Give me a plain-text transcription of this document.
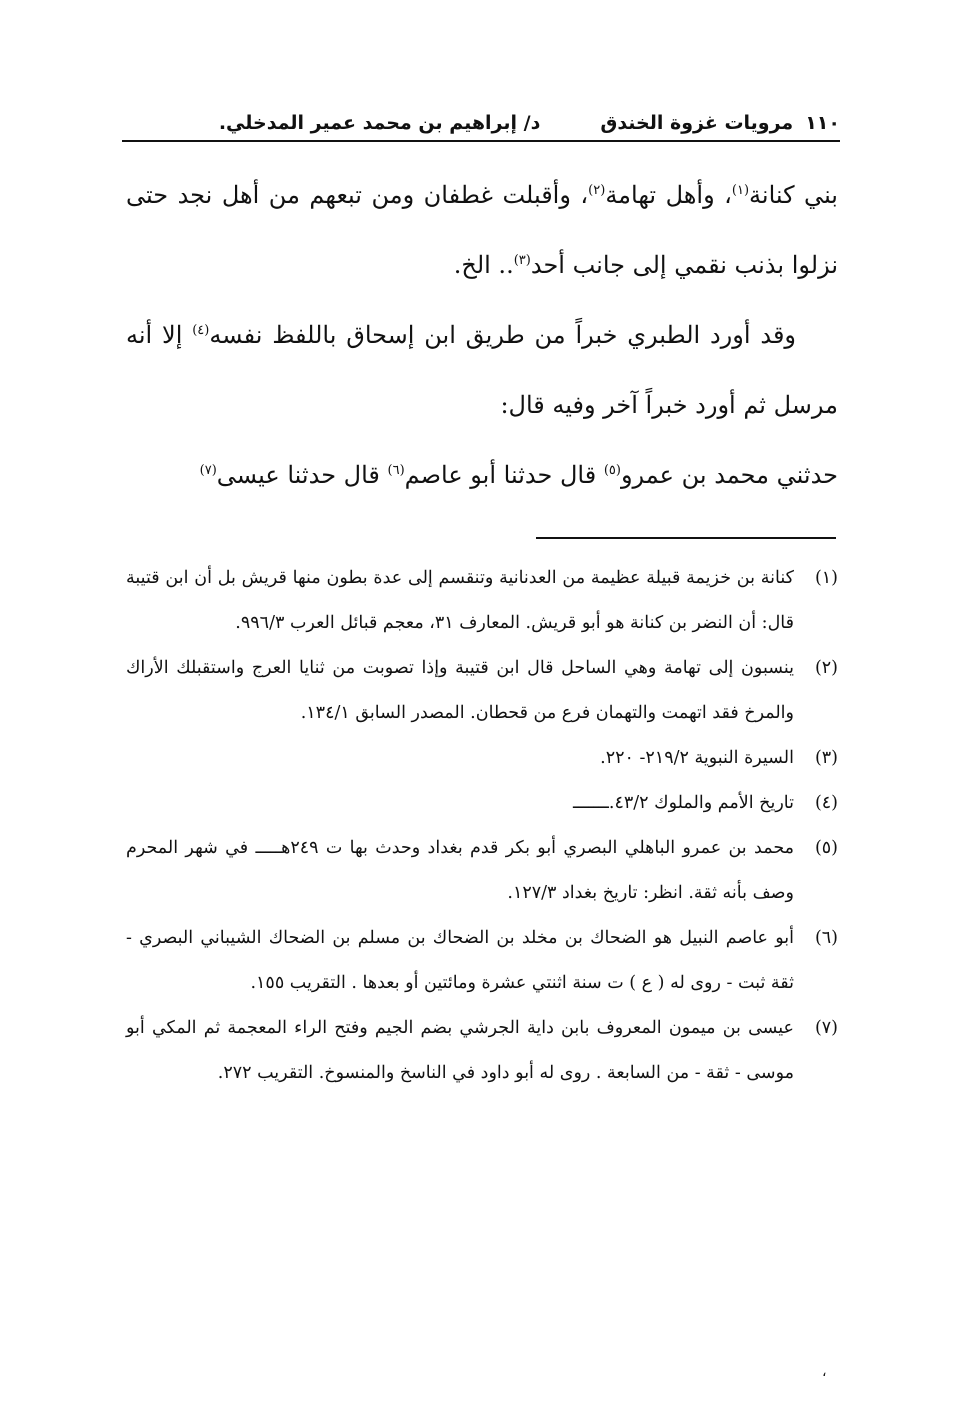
١١٠
مرويات غزوة الخندق
د/ إبراهيم بن محمد عمير المدخلي.

بني كنانة$^{(١)}$، وأهل تهامة$^{(٢)}$، وأقبلت غطفان ومن تبعهم من أهل نجد حتى نزلوا بذنب نقمي إلى جانب أحد$^{(٣)}$.. الخ.

وقد أورد الطبري خبراً من طريق ابن إسحاق باللفظ نفسه$^{(٤)}$ إلا أنه مرسل ثم أورد خبراً آخر وفيه قال:

حدثني محمد بن عمرو$^{(٥)}$ قال حدثنا أبو عاصم$^{(٦)}$ قال حدثنا عيسى$^{(٧)}$

(١)
كنانة بن خزيمة قبيلة عظيمة من العدنانية وتنقسم إلى عدة بطون منها قريش بل أن ابن قتيبة قال: أن النضر بن كنانة هو أبو قريش. المعارف ٣١، معجم قبائل العرب ٩٩٦/٣.
(٢)
ينسبون إلى تهامة وهي الساحل قال ابن قتيبة وإذا تصوبت من ثنايا العرج واستقبلك الأراك والمرخ فقد اتهمت والتهمان فرع من قحطان. المصدر السابق ١٣٤/١.
(٣)
السيرة النبوية ٢١٩/٢- ٢٢٠.
(٤)
تاريخ الأمم والملوك ٤٣/٢.ـــــــ
(٥)
محمد بن عمرو الباهلي البصري أبو بكر قدم بغداد وحدث بها ت ٢٤٩هـــــ في شهر المحرم وصف بأنه ثقة. انظر: تاريخ بغداد ١٢٧/٣.
(٦)
أبو عاصم النبيل هو الضحاك بن مخلد بن الضحاك بن مسلم بن الضحاك الشيباني البصري - ثقة ثبت - روى له ( ع ) ت سنة اثنتي عشرة ومائتين أو بعدها . التقريب ١٥٥.
(٧)
عيسى بن ميمون المعروف بابن داية الجرشي بضم الجيم وفتح الراء المعجمة ثم المكي أبو موسى - ثقة - من السابعة . روى له أبو داود في الناسخ والمنسوخ. التقريب ٢٧٢.
،
